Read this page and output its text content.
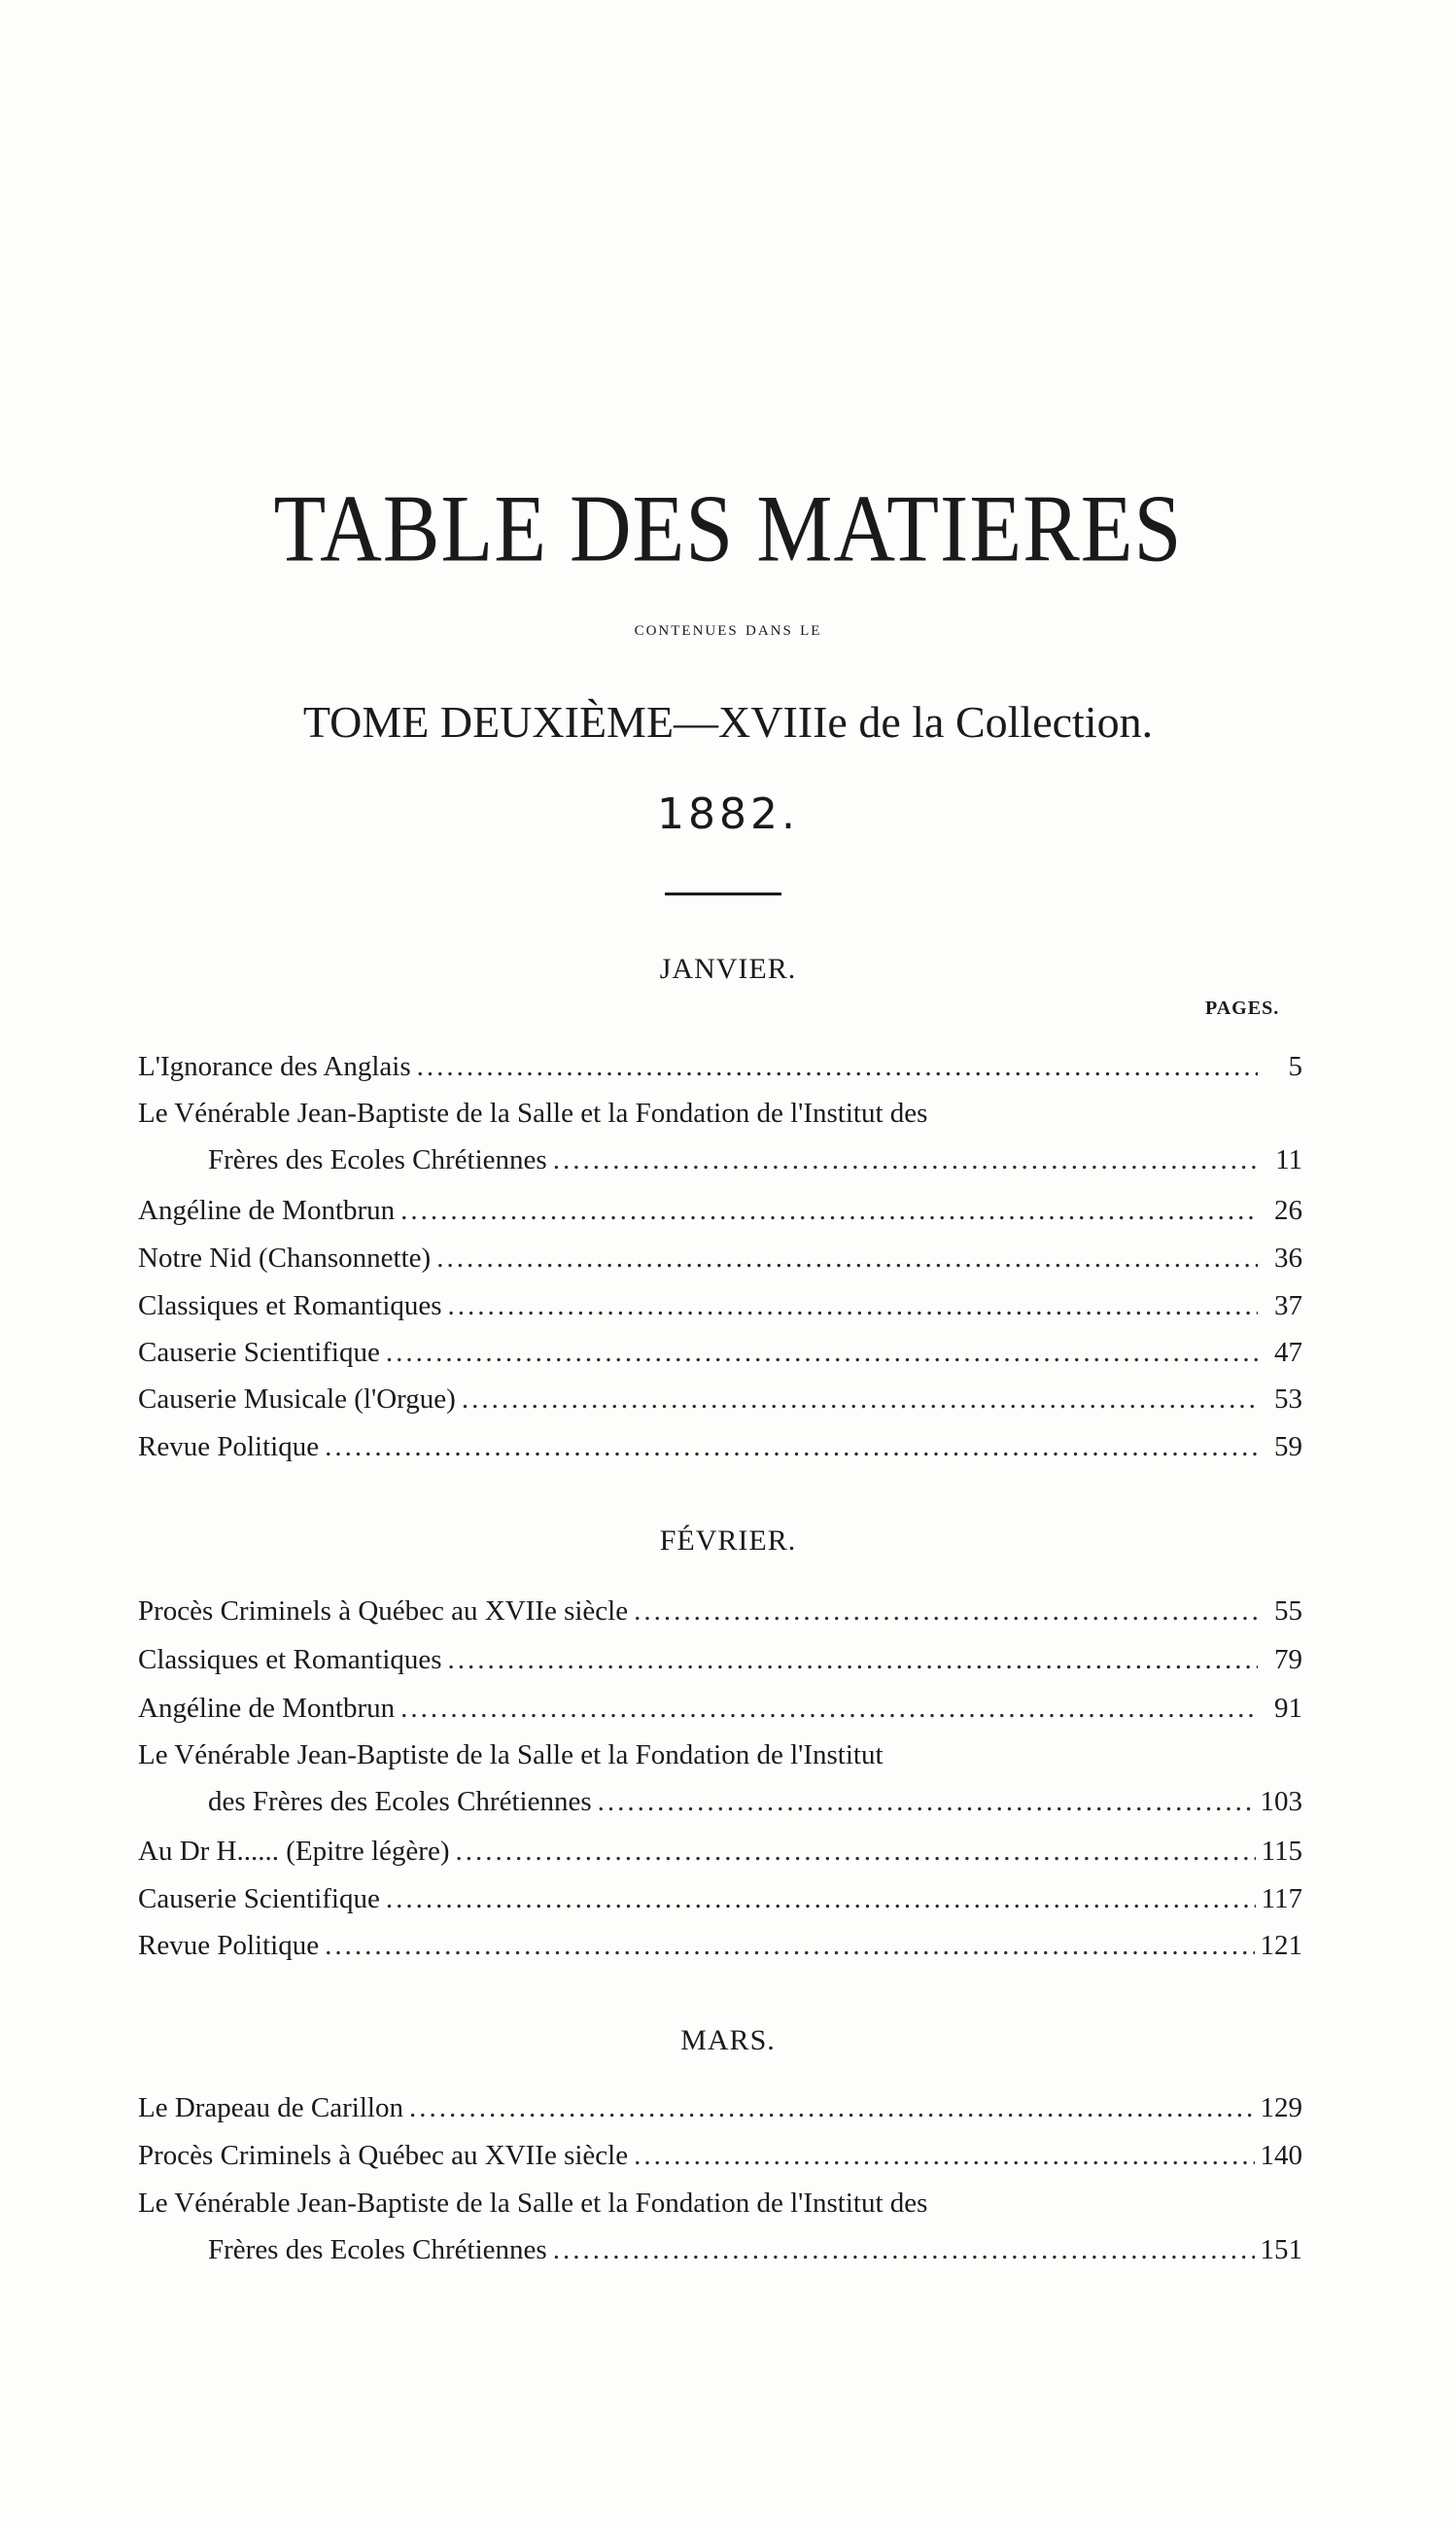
TABLE DES MATIERES
contenues dans le
TOME DEUXIÈME—XVIIIe de la Collection.
1882.
PAGES.
JANVIER.
L'Ignorance des Anglais .....	5
Le Vénérable Jean-Baptiste de la Salle et la Fondation de l'Institut des
Frères des Ecoles Chrétiennes .....	11
Angéline de Montbrun .....	26
Notre Nid (Chansonnette) .....	36
Classiques et Romantiques .....	37
Causerie Scientifique .....	47
Causerie Musicale (l'Orgue) .....	53
Revue Politique .....	59
FÉVRIER.
Procès Criminels à Québec au XVIIe siècle .....	55
Classiques et Romantiques .....	79
Angéline de Montbrun .....	91
Le Vénérable Jean-Baptiste de la Salle et la Fondation de l'Institut
des Frères des Ecoles Chrétiennes .....	103
Au Dr H...... (Epitre légère) .....	115
Causerie Scientifique .....	117
Revue Politique .....	121
MARS.
Le Drapeau de Carillon .....	129
Procès Criminels à Québec au XVIIe siècle .....	140
Le Vénérable Jean-Baptiste de la Salle et la Fondation de l'Institut des
Frères des Ecoles Chrétiennes .....	151
